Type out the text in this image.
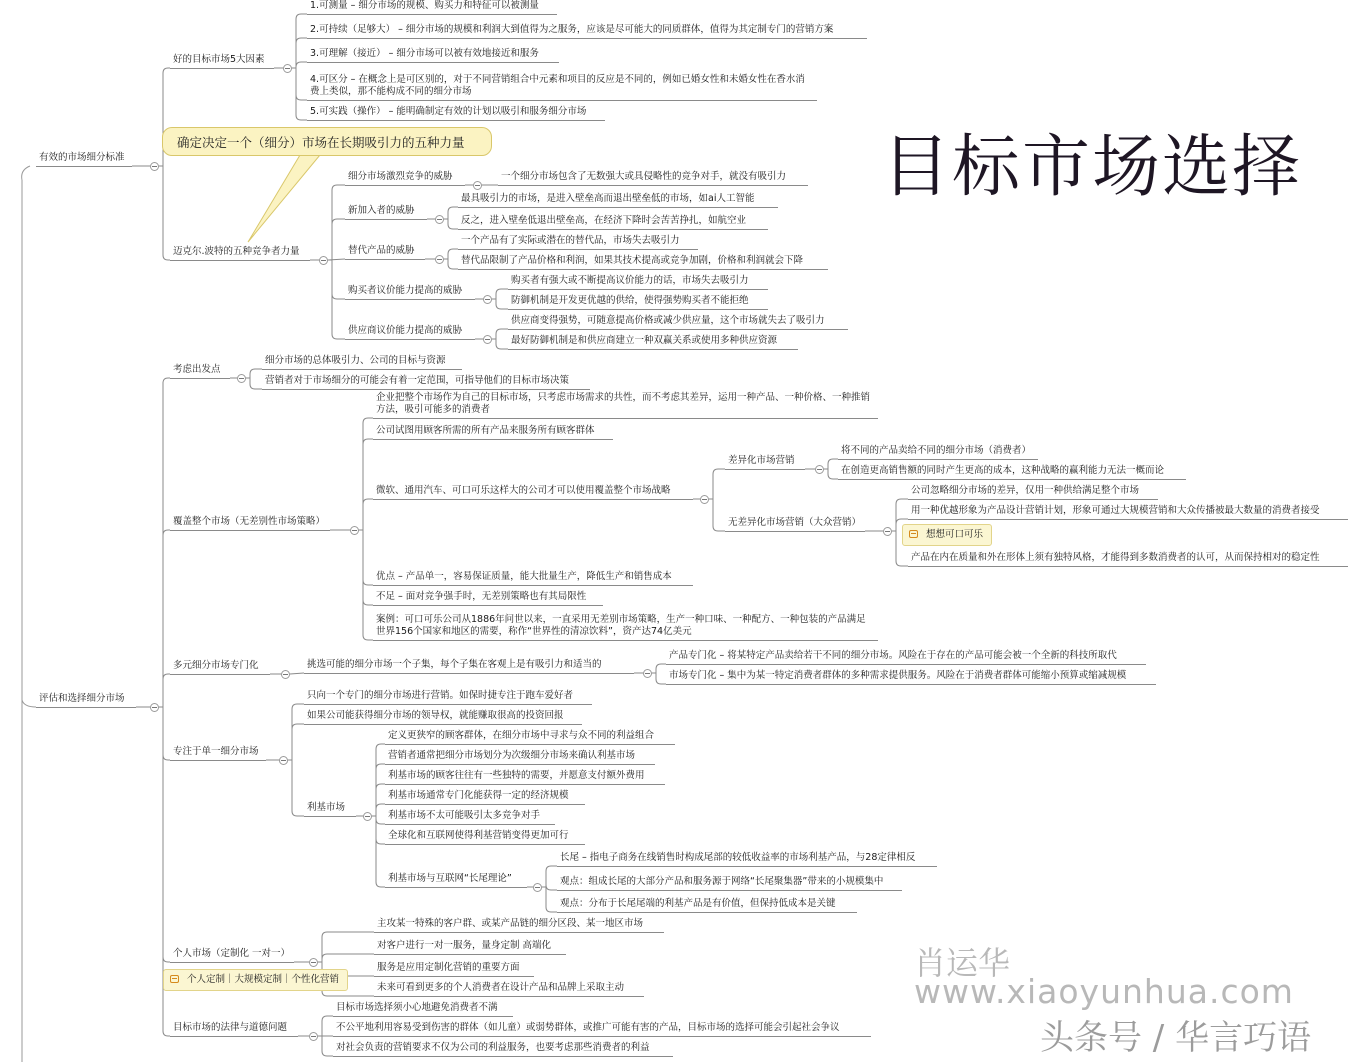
有效的市场细分标准
好的目标市场5大因素
1.可测量 – 细分市场的规模、购买力和特征可以被测量
2.可持续（足够大） – 细分市场的规模和利润大到值得为之服务，应该是尽可能大的同质群体，值得为其定制专门的营销方案
3.可理解（接近） – 细分市场可以被有效地接近和服务
4.可区分 – 在概念上是可区别的，对于不同营销组合中元素和项目的反应是不同的，例如已婚女性和未婚女性在香水消费上类似，那不能构成不同的细分市场
5.可实践（操作） – 能明确制定有效的计划以吸引和服务细分市场
迈克尔.波特的五种竞争者力量
细分市场激烈竞争的威胁	一个细分市场包含了无数强大或具侵略性的竞争对手，就没有吸引力
新加入者的威胁
最具吸引力的市场，是进入壁垒高而退出壁垒低的市场，如ai人工智能
反之，进入壁垒低退出壁垒高，在经济下降时会苦苦挣扎，如航空业
替代产品的威胁
一个产品有了实际或潜在的替代品，市场失去吸引力
替代品限制了产品价格和利润，如果其技术提高或竞争加剧，价格和利润就会下降
购买者议价能力提高的威胁
购买者有强大或不断提高议价能力的话，市场失去吸引力
防御机制是开发更优越的供给，使得强势购买者不能拒绝
供应商议价能力提高的威胁
供应商变得强势，可随意提高价格或减少供应量，这个市场就失去了吸引力
最好防御机制是和供应商建立一种双赢关系或使用多种供应资源
评估和选择细分市场
考虑出发点
细分市场的总体吸引力、公司的目标与资源
营销者对于市场细分的可能会有着一定范围，可指导他们的目标市场决策
覆盖整个市场（无差别性市场策略）
企业把整个市场作为自己的目标市场，只考虑市场需求的共性，而不考虑其差异，运用一种产品、一种价格、一种推销方法，吸引可能多的消费者
公司试图用顾客所需的所有产品来服务所有顾客群体
微软、通用汽车、可口可乐这样大的公司才可以使用覆盖整个市场战略
差异化市场营销
将不同的产品卖给不同的细分市场（消费者）
在创造更高销售额的同时产生更高的成本，这种战略的赢利能力无法一概而论
无差异化市场营销（大众营销）
公司忽略细分市场的差异，仅用一种供给满足整个市场
用一种优越形象为产品设计营销计划，形象可通过大规模营销和大众传播被最大数量的消费者接受
产品在内在质量和外在形体上须有独特风格，才能得到多数消费者的认可，从而保持相对的稳定性
优点 – 产品单一，容易保证质量，能大批量生产，降低生产和销售成本
不足 – 面对竞争强手时，无差别策略也有其局限性
案例：可口可乐公司从1886年问世以来，一直采用无差别市场策略，生产一种口味、一种配方、一种包装的产品满足世界156个国家和地区的需要，称作“世界性的清凉饮料”，资产达74亿美元
多元细分市场专门化	挑选可能的细分市场一个子集，每个子集在客观上是有吸引力和适当的
产品专门化 – 将某特定产品卖给若干不同的细分市场。风险在于存在的产品可能会被一个全新的科技所取代
市场专门化 – 集中为某一特定消费者群体的多种需求提供服务。风险在于消费者群体可能缩小预算或缩减规模
专注于单一细分市场
只向一个专门的细分市场进行营销。如保时捷专注于跑车爱好者
如果公司能获得细分市场的领导权，就能赚取很高的投资回报
利基市场
定义更狭窄的顾客群体，在细分市场中寻求与众不同的利益组合
营销者通常把细分市场划分为次级细分市场来确认利基市场
利基市场的顾客往往有一些独特的需要，并愿意支付额外费用
利基市场通常专门化能获得一定的经济规模
利基市场不太可能吸引太多竞争对手
全球化和互联网使得利基营销变得更加可行
利基市场与互联网“长尾理论”
长尾 – 指电子商务在线销售时构成尾部的较低收益率的市场利基产品，与28定律相反
观点：组成长尾的大部分产品和服务源于网络“长尾聚集器”带来的小规模集中
观点：分布于长尾尾端的利基产品是有价值，但保持低成本是关键
个人市场（定制化 一对一）
主攻某一特殊的客户群、或某产品链的细分区段、某一地区市场
对客户进行一对一服务，量身定制 高端化
服务是应用定制化营销的重要方面
未来可看到更多的个人消费者在设计产品和品牌上采取主动
目标市场的法律与道德问题
目标市场选择须小心地避免消费者不满
不公平地利用容易受到伤害的群体（如儿童）或弱势群体，或推广可能有害的产品，目标市场的选择可能会引起社会争议
对社会负责的营销要求不仅为公司的利益服务，也要考虑那些消费者的利益
想想可口可乐
个人定制｜大规模定制｜个性化营销
目标市场选择
确定决定一个（细分）市场在长期吸引力的五种力量
肖运华
www.xiaoyunhua.com
头条号 / 华言巧语
